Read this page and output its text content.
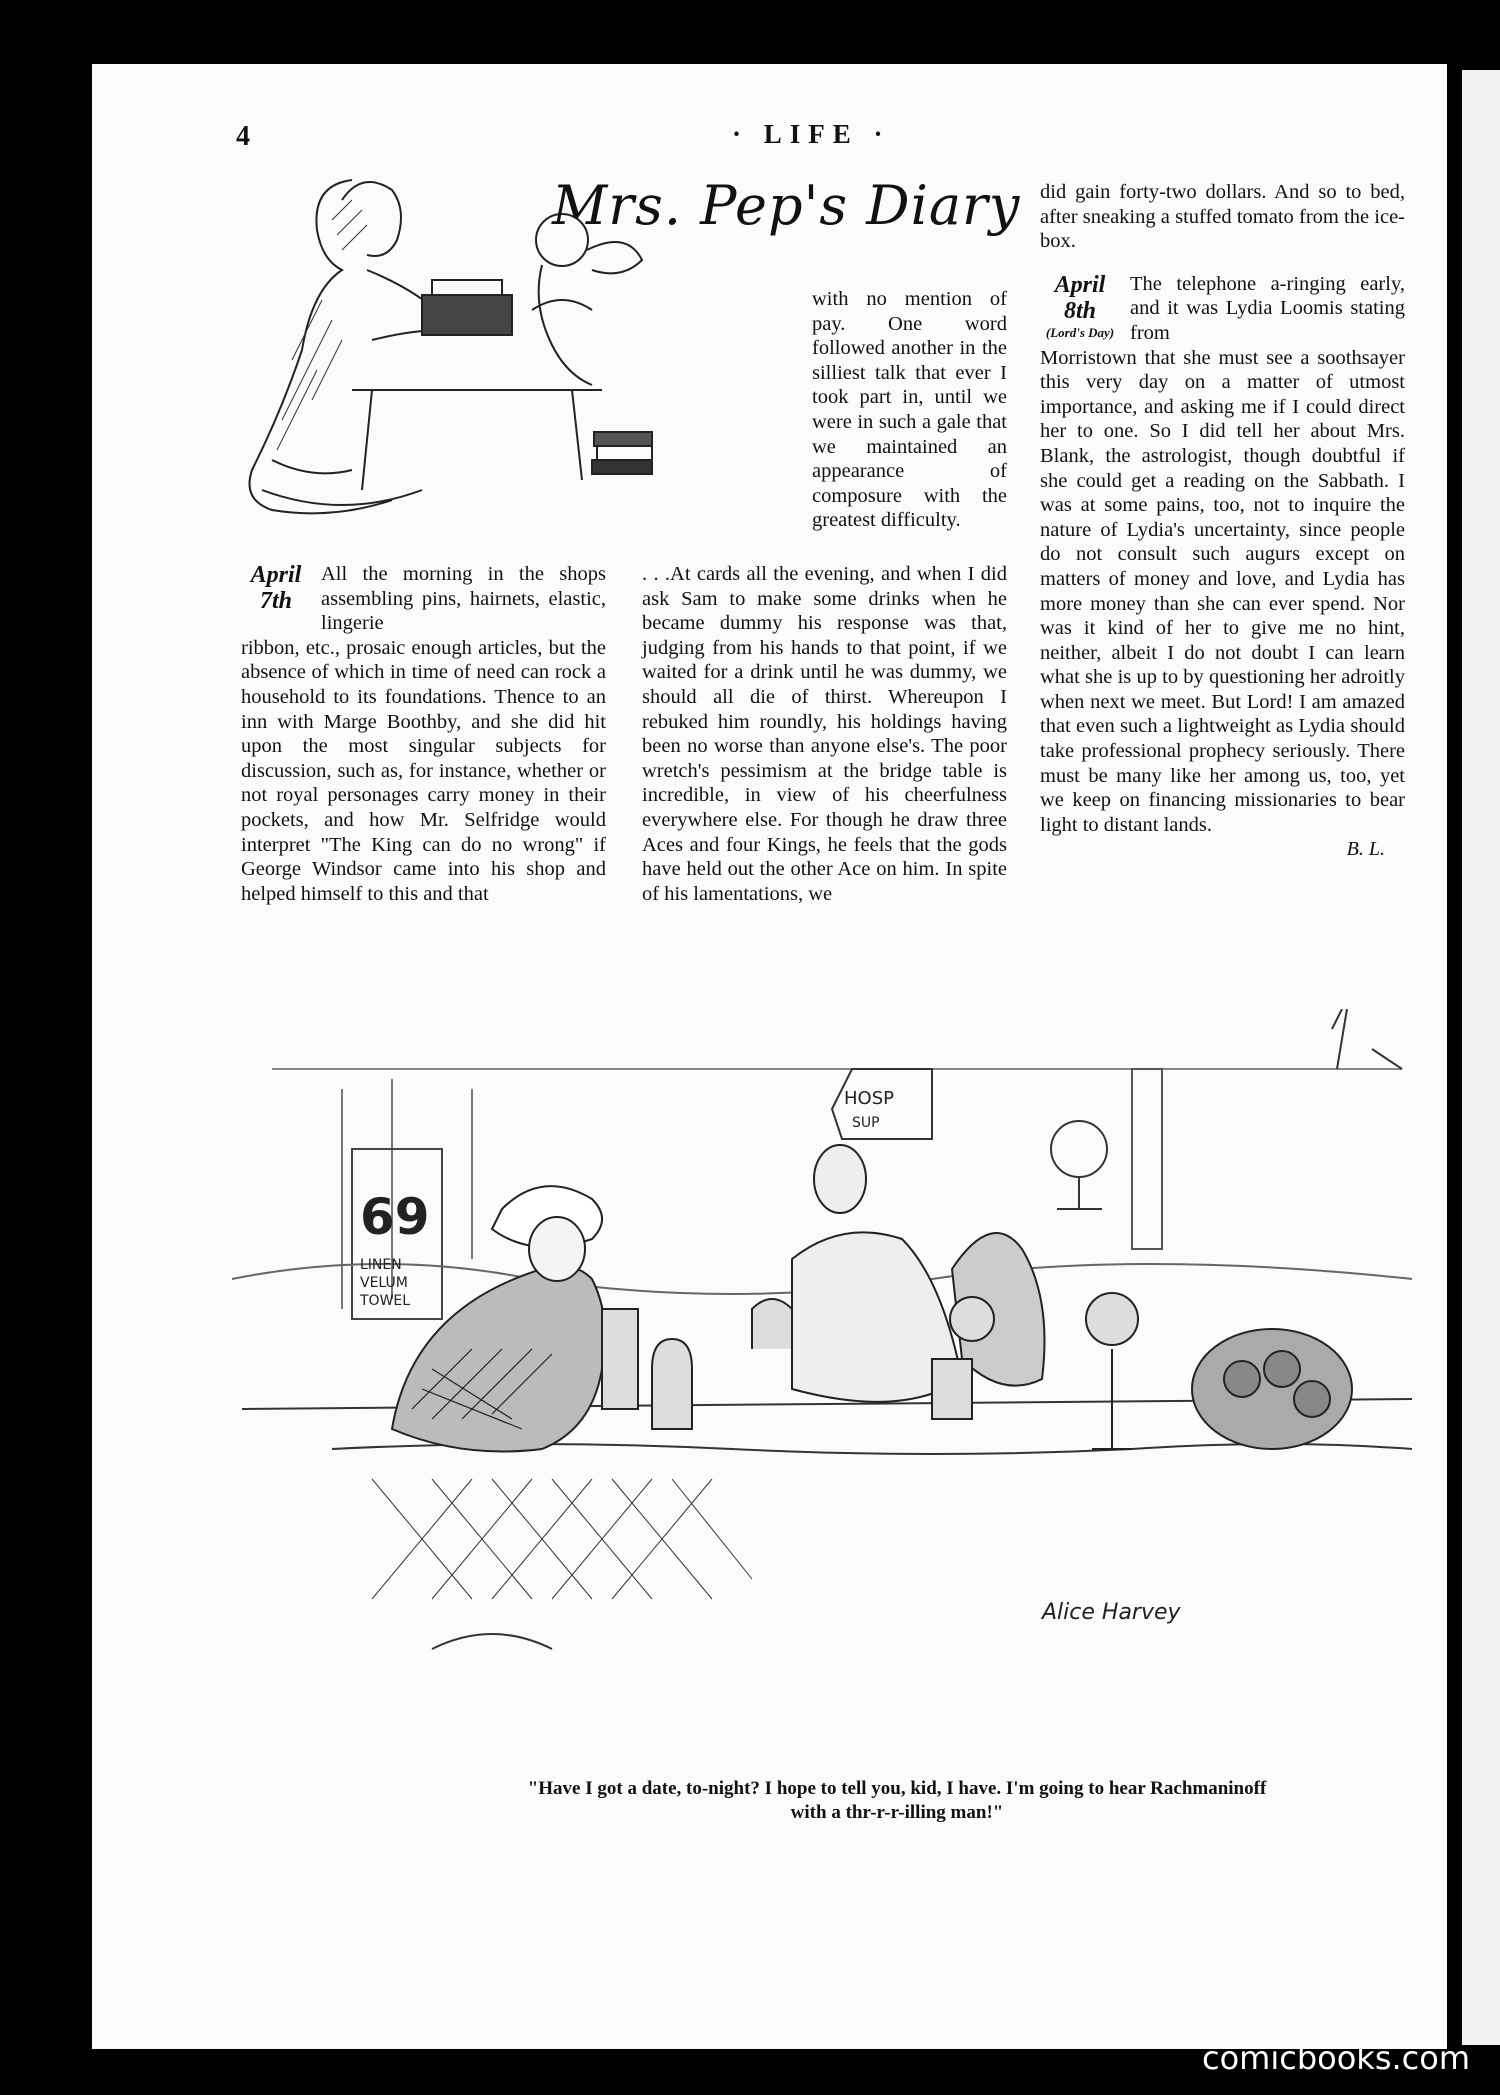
4	· LIFE ·
Mrs. Pep's Diary
April
7th

All the morning in the shops assembling pins, hairnets, elastic, lingerie

ribbon, etc., prosaic enough articles, but the absence of which in time of need can rock a household to its foundations. Thence to an inn with Marge Boothby, and she did hit upon the most singular subjects for discussion, such as, for instance, whether or not royal personages carry money in their pockets, and how Mr. Selfridge would interpret "The King can do no wrong" if George Windsor came into his shop and helped himself to this and that

with no mention of pay. One word followed another in the silliest talk that ever I took part in, until we were in such a gale that we maintained an appearance of composure with the greatest difficulty.

. . .At cards all the evening, and when I did ask Sam to make some drinks when he became dummy his response was that, judging from his hands to that point, if we waited for a drink until he was dummy, we should all die of thirst. Whereupon I rebuked him roundly, his holdings having been no worse than anyone else's. The poor wretch's pessimism at the bridge table is incredible, in view of his cheerfulness everywhere else. For though he draw three Aces and four Kings, he feels that the gods have held out the other Ace on him. In spite of his lamentations, we

did gain forty-two dollars. And so to bed, after sneaking a stuffed tomato from the ice-box.

April
8th
(Lord's Day)

The telephone a-ringing early, and it was Lydia Loomis stating from

Morristown that she must see a soothsayer this very day on a matter of utmost importance, and asking me if I could direct her to one. So I did tell her about Mrs. Blank, the astrologist, though doubtful if she could get a reading on the Sabbath. I was at some pains, too, not to inquire the nature of Lydia's uncertainty, since people do not consult such augurs except on matters of money and love, and Lydia has more money than she can ever spend. Nor was it kind of her to give me no hint, neither, albeit I do not doubt I can learn what she is up to by questioning her adroitly when next we meet. But Lord! I am amazed that even such a lightweight as Lydia should take professional prophecy seriously. There must be many like her among us, too, yet we keep on financing missionaries to bear light to distant lands.

B. L.
HOSP
SUP
69
LINEN
VELUM
TOWEL
Alice Harvey
"Have I got a date, to-night? I hope to tell you, kid, I have. I'm going to hear Rachmaninoff
with a thr-r-r-illing man!"
comicbooks.com
